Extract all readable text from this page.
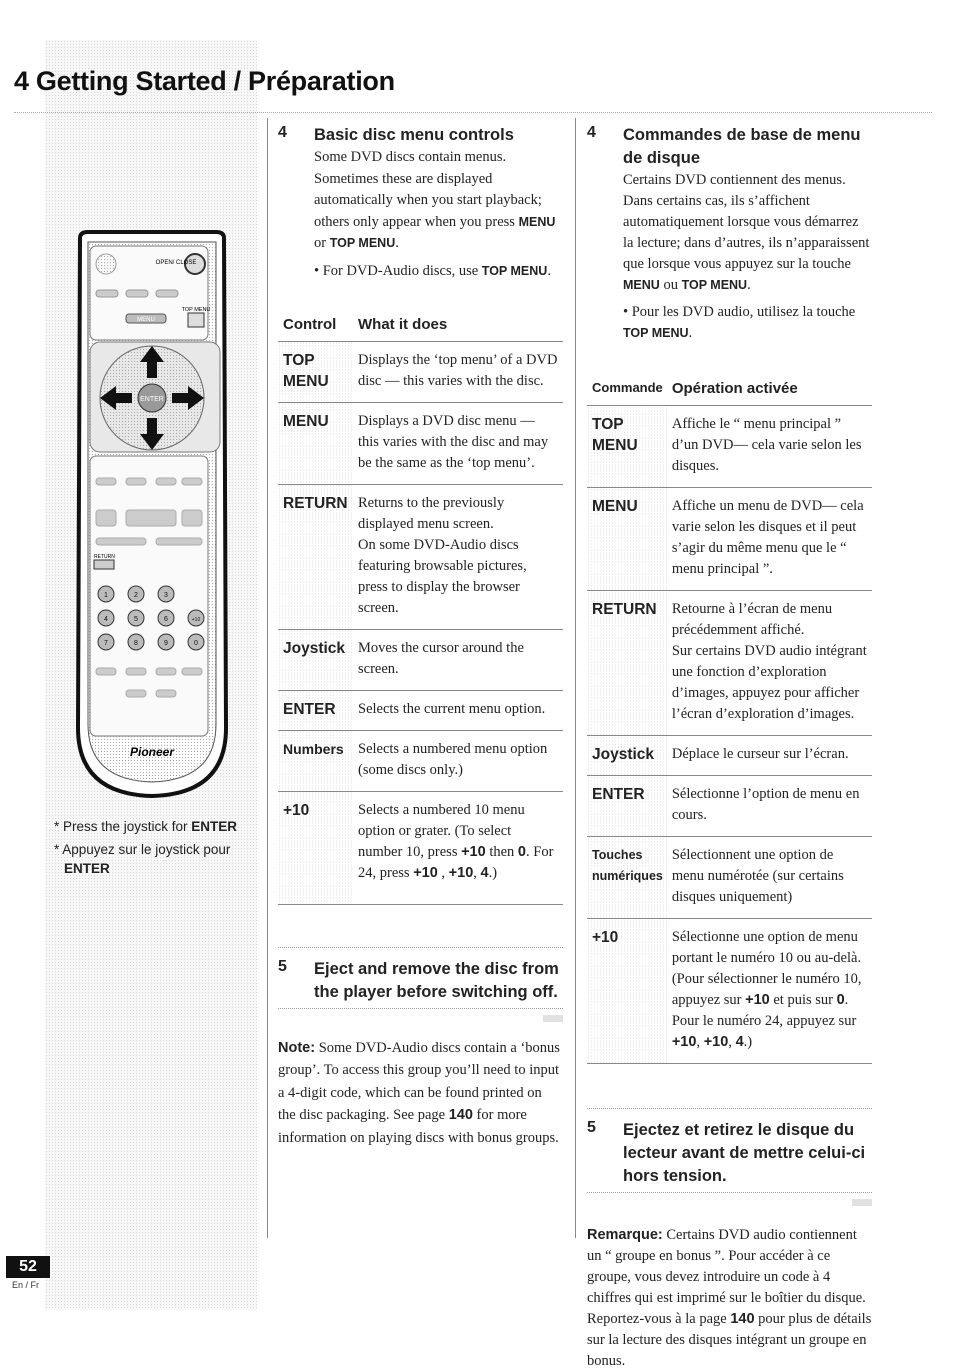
4 Getting Started / Préparation
OPEN/ CLOSE
TOP MENU
MENU
ENTER
RETURN
1	2	3
4	5	6	+10
7	8	9	0
Pioneer
* Press the joystick for ENTER
* Appuyez sur le joystick pour
ENTER
4 Basic disc menu controls
Some DVD discs contain menus. Sometimes these are displayed automatically when you start playback; others only appear when you press MENU or TOP MENU.
• For DVD-Audio discs, use TOP MENU.
Control	What it does
TOP MENU	Displays the ‘top menu’ of a DVD disc — this varies with the disc.
MENU	Displays a DVD disc menu — this varies with the disc and may be the same as the ‘top menu’.
RETURN	Returns to the previously displayed menu screen.
On some DVD-Audio discs featuring browsable pictures, press to display the browser screen.

Joystick	Moves the cursor around the screen.
ENTER	Selects the current menu option.
Numbers	Selects a numbered menu option (some discs only.)
+10	Selects a numbered 10 menu option or grater. (To select number 10, press +10 then 0. For 24, press +10 , +10, 4.)
5 Eject and remove the disc from the player before switching off.
Note: Some DVD-Audio discs contain a ‘bonus group’. To access this group you’ll need to input a 4-digit code, which can be found printed on the disc packaging. See page 140 for more information on playing discs with bonus groups.
4 Commandes de base de menu de disque
Certains DVD contiennent des menus. Dans certains cas, ils s’affichent automatiquement lorsque vous démarrez la lecture; dans d’autres, ils n’apparaissent que lorsque vous appuyez sur la touche MENU ou TOP MENU.
• Pour les DVD audio, utilisez la touche TOP MENU.
Commande	Opération activée
TOP MENU	Affiche le “ menu principal ” d’un DVD— cela varie selon les disques.
MENU	Affiche un menu de DVD— cela varie selon les disques et il peut s’agir du même menu que le “ menu principal ”.
RETURN	Retourne à l’écran de menu précédemment affiché.
Sur certains DVD audio intégrant une fonction d’exploration d’images, appuyez pour afficher l’écran d’exploration d’images.

Joystick	Déplace le curseur sur l’écran.
ENTER	Sélectionne l’option de menu en cours.
Touches numériques	Sélectionnent une option de menu numérotée (sur certains disques uniquement)
+10	Sélectionne une option de menu portant le numéro 10 ou au-delà. (Pour sélectionner le numéro 10, appuyez sur +10 et puis sur 0. Pour le numéro 24, appuyez sur +10, +10, 4.)
5 Ejectez et retirez le disque du lecteur avant de mettre celui-ci hors tension.
Remarque: Certains DVD audio contiennent un “ groupe en bonus ”. Pour accéder à ce groupe, vous devez introduire un code à 4 chiffres qui est imprimé sur le boîtier du disque. Reportez-vous à la page 140 pour plus de détails sur la lecture des disques intégrant un groupe en bonus.
52
En / Fr
